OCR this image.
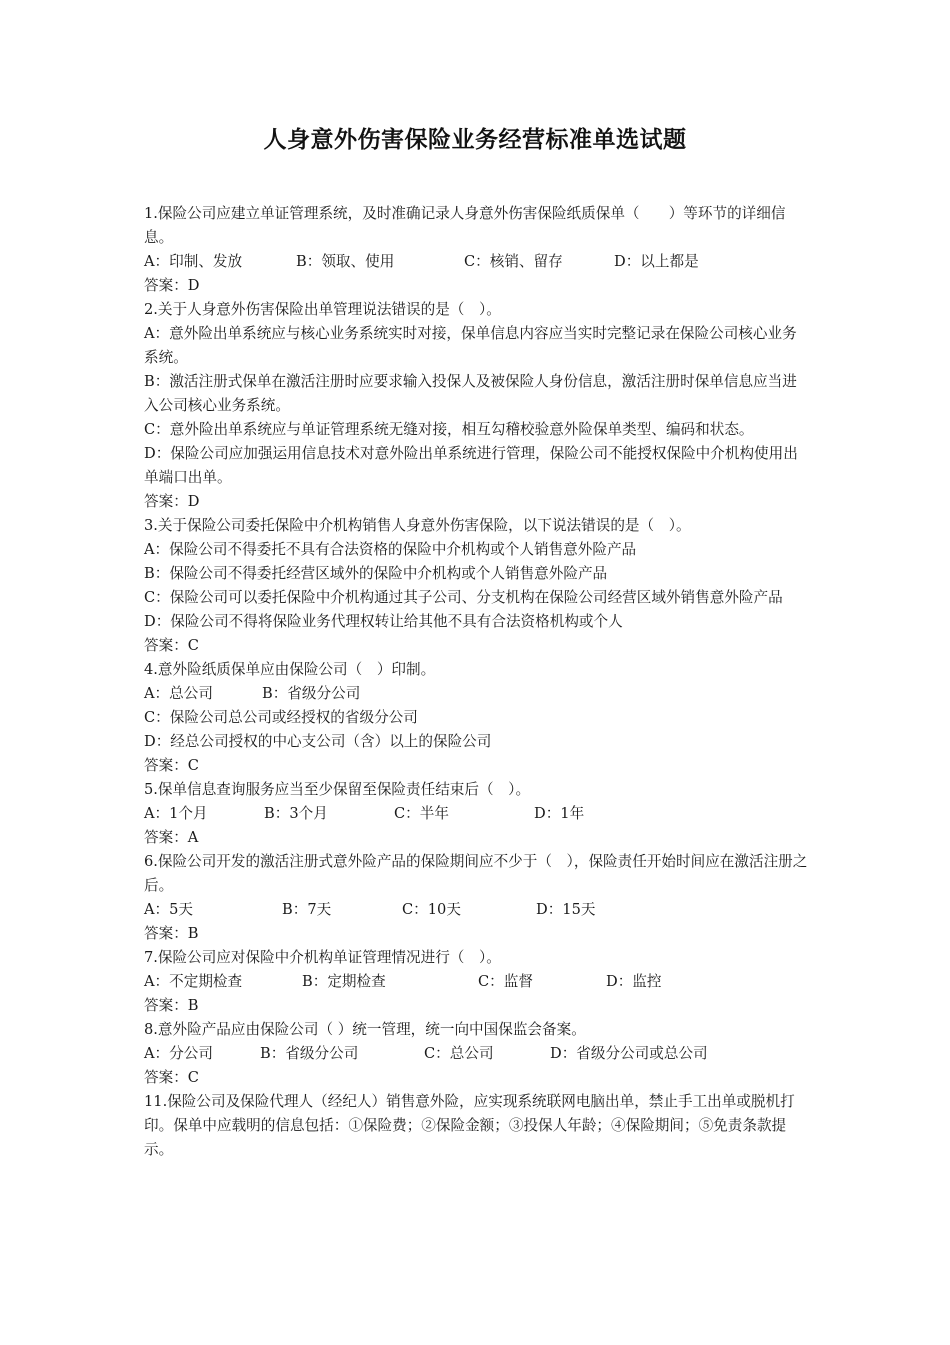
人身意外伤害保险业务经营标准单选试题

1.保险公司应建立单证管理系统，及时准确记录人身意外伤害保险纸质保单（　　）等环节的详细信息。

A：印制、发放	B：领取、使用	C：核销、留存	D：以上都是

答案：D

2.关于人身意外伤害保险出单管理说法错误的是（　）。

A：意外险出单系统应与核心业务系统实时对接，保单信息内容应当实时完整记录在保险公司核心业务系统。

B：激活注册式保单在激活注册时应要求输入投保人及被保险人身份信息，激活注册时保单信息应当进入公司核心业务系统。

C：意外险出单系统应与单证管理系统无缝对接，相互勾稽校验意外险保单类型、编码和状态。

D：保险公司应加强运用信息技术对意外险出单系统进行管理，保险公司不能授权保险中介机构使用出单端口出单。

答案：D

3.关于保险公司委托保险中介机构销售人身意外伤害保险，以下说法错误的是（　）。

A：保险公司不得委托不具有合法资格的保险中介机构或个人销售意外险产品

B：保险公司不得委托经营区域外的保险中介机构或个人销售意外险产品

C：保险公司可以委托保险中介机构通过其子公司、分支机构在保险公司经营区域外销售意外险产品

D：保险公司不得将保险业务代理权转让给其他不具有合法资格机构或个人

答案：C

4.意外险纸质保单应由保险公司（　）印制。

A：总公司	B：省级分公司

C：保险公司总公司或经授权的省级分公司

D：经总公司授权的中心支公司（含）以上的保险公司

答案：C

5.保单信息查询服务应当至少保留至保险责任结束后（　）。

A：1个月	B：3个月	C：半年	D：1年

答案：A

6.保险公司开发的激活注册式意外险产品的保险期间应不少于（　），保险责任开始时间应在激活注册之后。

A：5天	B：7天	C：10天	D：15天

答案：B

7.保险公司应对保险中介机构单证管理情况进行（　）。

A：不定期检查	B：定期检查	C：监督	D：监控

答案：B

8.意外险产品应由保险公司（ ）统一管理，统一向中国保监会备案。

A：分公司	B：省级分公司	C：总公司	D：省级分公司或总公司

答案：C

11.保险公司及保险代理人（经纪人）销售意外险，应实现系统联网电脑出单，禁止手工出单或脱机打印。保单中应载明的信息包括：①保险费；②保险金额；③投保人年龄；④保险期间；⑤免责条款提示。
